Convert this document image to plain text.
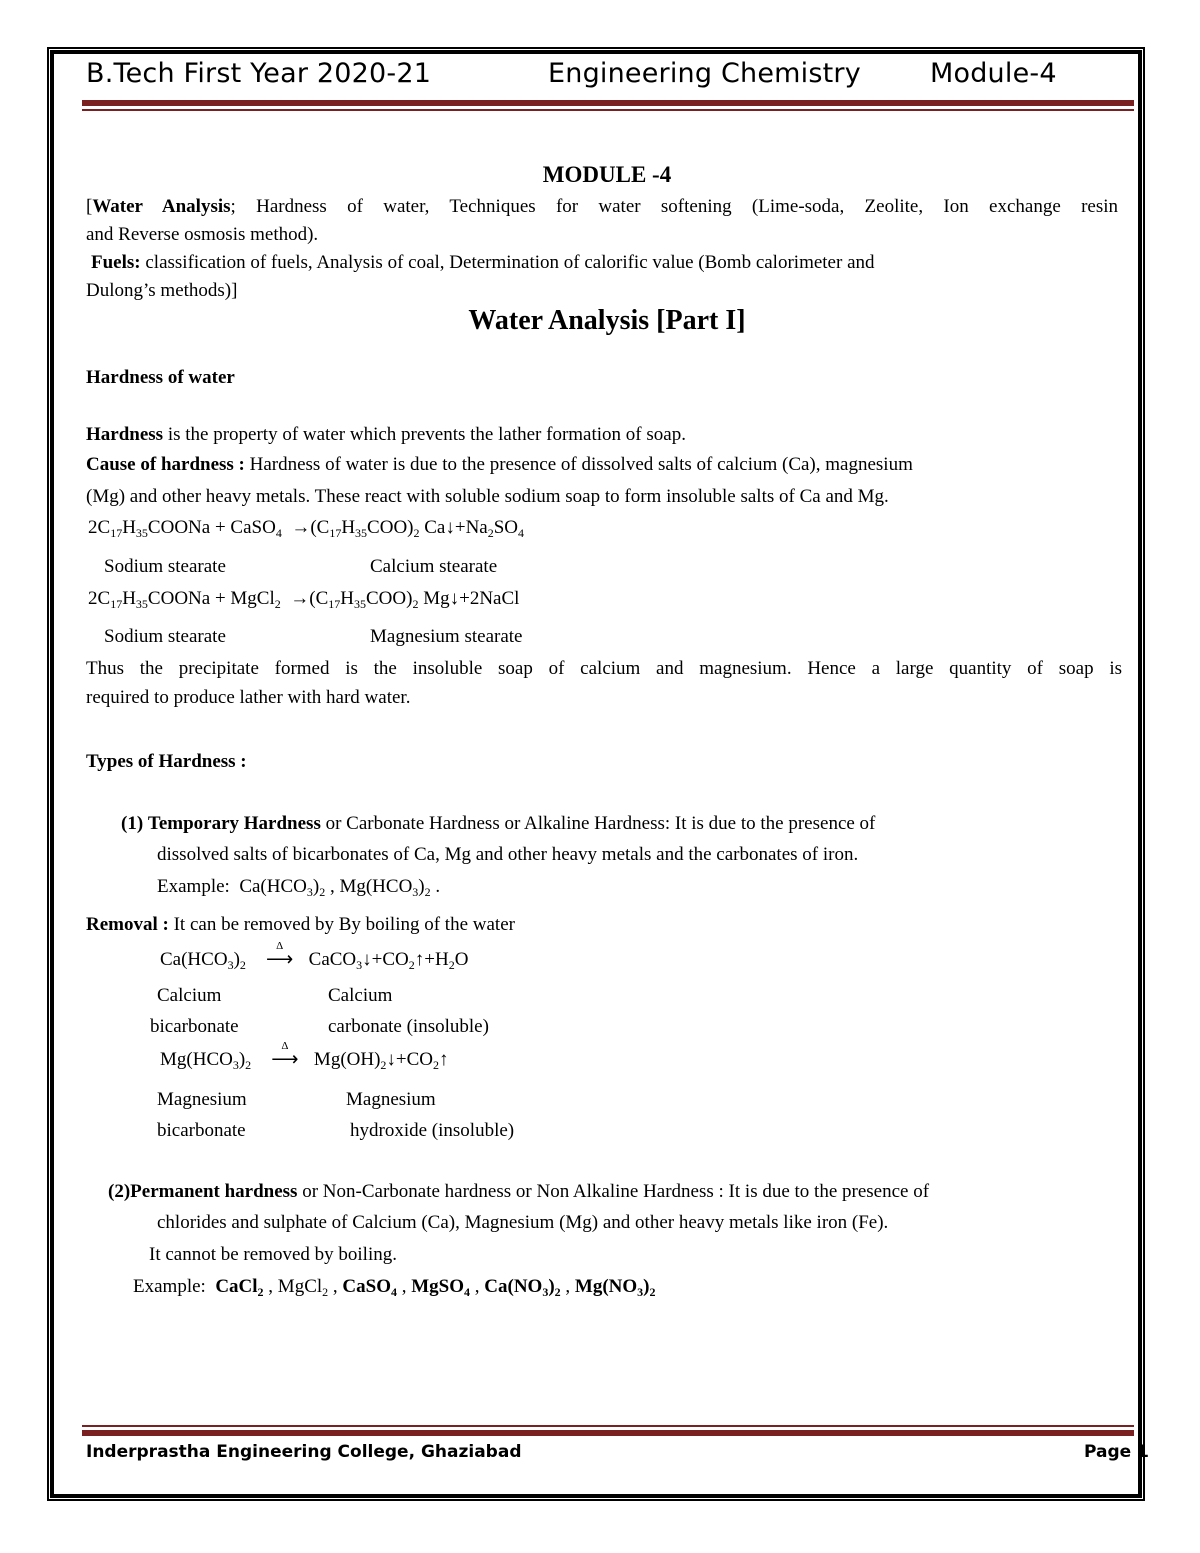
B.Tech First Year 2020-21	Engineering Chemistry	Module-4
MODULE -4
[Water Analysis; Hardness of water, Techniques for water softening (Lime-soda, Zeolite, Ion exchange resin
and Reverse osmosis method).
Fuels: classification of fuels, Analysis of coal, Determination of calorific value (Bomb calorimeter and
Dulong’s methods)]
Water Analysis [Part I]
Hardness of water
Hardness is the property of water which prevents the lather formation of soap.
Cause of hardness : Hardness of water is due to the presence of dissolved salts of calcium (Ca), magnesium
(Mg) and other heavy metals. These react with soluble sodium soap to form insoluble salts of Ca and Mg.
$2C_{17}H_{35}COONa$ + CaSO$_4$  $\to(C_{17}H_{35}COO)_2$ $Ca↓+Na_2SO_4$
Sodium stearate	Calcium stearate
$2C_{17}H_{35}COONa$ + MgCl$_2$  $\to(C_{17}H_{35}COO)_2$ Mg↓+2NaCl
Sodium stearate	Magnesium stearate
Thus the precipitate formed is the insoluble soap of calcium and magnesium. Hence a large quantity of soap is
required to produce lather with hard water.
Types of Hardness :
(1) Temporary Hardness or Carbonate Hardness or Alkaline Hardness: It is due to the presence of
dissolved salts of bicarbonates of Ca, Mg and other heavy metals and the carbonates of iron.
Example:  $Ca(HCO_3)_2$ , $Mg(HCO_3)_2$ .
Removal : It can be removed by By boiling of the water
$Ca(HCO_3)_2$
Δ
⟶ $CaCO_3↓+CO_2↑+H_2O$
Calcium	Calcium
bicarbonate	carbonate (insoluble)
$Mg(HCO_3)_2$
Δ
⟶ $Mg(OH)_2↓+CO_2↑$
Magnesium	Magnesium
bicarbonate	hydroxide (insoluble)
(2)Permanent hardness or Non-Carbonate hardness or Non Alkaline Hardness : It is due to the presence of
chlorides and sulphate of Calcium (Ca), Magnesium (Mg) and other heavy metals like iron (Fe).
It cannot be removed by boiling.
Example: CaCl$_2$ , MgCl$_2$ , CaSO$_4$ , MgSO$_4$ , $Ca(NO_3)_2$ , $Mg(NO_3)_2$
Inderprastha Engineering College, Ghaziabad	Page 1
